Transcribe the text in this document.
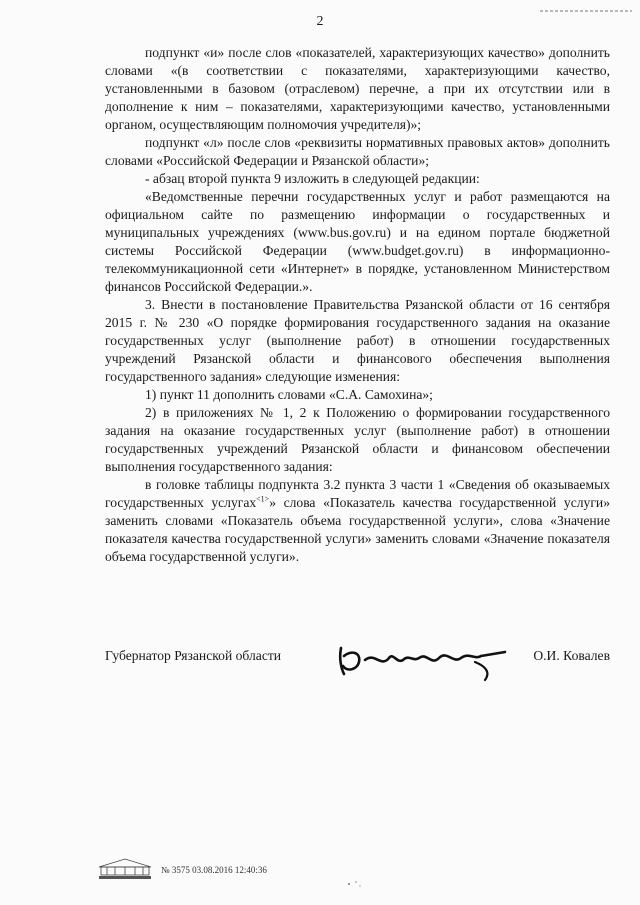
2

подпункт «и» после слов «показателей, характеризующих качество» дополнить словами «(в соответствии с показателями, характеризующими качество, установленными в базовом (отраслевом) перечне, а при их отсутствии или в дополнение к ним – показателями, характеризующими качество, установленными органом, осуществляющим полномочия учредителя)»;

подпункт «л» после слов «реквизиты нормативных правовых актов» дополнить словами «Российской Федерации и Рязанской области»;

- абзац второй пункта 9 изложить в следующей редакции:

«Ведомственные перечни государственных услуг и работ размещаются на официальном сайте по размещению информации о государственных и муниципальных учреждениях (www.bus.gov.ru) и на едином портале бюджетной системы Российской Федерации (www.budget.gov.ru) в информационно-телекоммуникационной сети «Интернет» в порядке, установленном Министерством финансов Российской Федерации.».

3. Внести в постановление Правительства Рязанской области от 16 сентября 2015 г. № 230 «О порядке формирования государственного задания на оказание государственных услуг (выполнение работ) в отношении государственных учреждений Рязанской области и финансового обеспечения выполнения государственного задания» следующие изменения:

1) пункт 11 дополнить словами «С.А. Самохина»;

2) в приложениях № 1, 2 к Положению о формировании государственного задания на оказание государственных услуг (выполнение работ) в отношении государственных учреждений Рязанской области и финансовом обеспечении выполнения государственного задания:

в головке таблицы подпункта 3.2 пункта 3 части 1 «Сведения об оказываемых государственных услугах$^{<1>}$» слова «Показатель качества государственной услуги» заменить словами «Показатель объема государственной услуги», слова «Значение показателя качества государственной услуги» заменить словами «Значение показателя объема государственной услуги».

Губернатор Рязанской области	О.И. Ковалев
№ 3575 03.08.2016 12:40:36
